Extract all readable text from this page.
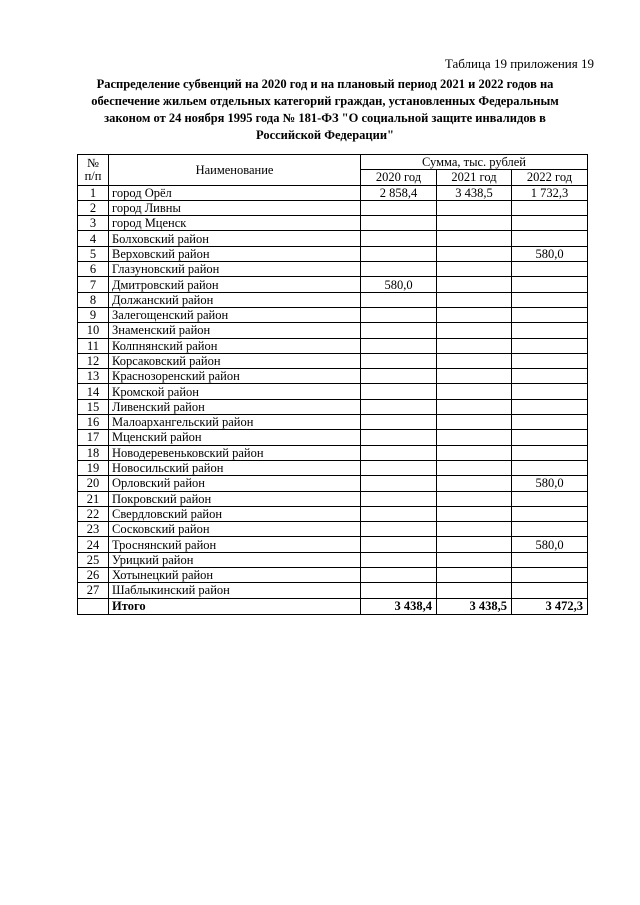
Таблица 19 приложения 19
Распределение субвенций на 2020 год и на плановый период 2021 и 2022 годов на обеспечение жильем отдельных категорий граждан, установленных Федеральным законом от 24 ноября 1995 года № 181-ФЗ "О социальной защите инвалидов в Российской Федерации"
№
п/п	Наименование	Сумма, тыс. рублей		
		2020 год	2021 год	2022 год
1	город Орёл	2 858,4	3 438,5	1 732,3
2	город Ливны			
3	город Мценск			
4	Болховский район			
5	Верховский район			580,0
6	Глазуновский район			
7	Дмитровский район	580,0		
8	Должанский район			
9	Залегощенский район			
10	Знаменский район			
11	Колпнянский район			
12	Корсаковский район			
13	Краснозоренский район			
14	Кромской район			
15	Ливенский район			
16	Малоархангельский район			
17	Мценский район			
18	Новодеревеньковский район			
19	Новосильский район			
20	Орловский район			580,0
21	Покровский район			
22	Свердловский район			
23	Сосковский район			
24	Троснянский район			580,0
25	Урицкий район			
26	Хотынецкий район			
27	Шаблыкинский район			
	Итого	3 438,4	3 438,5	3 472,3
